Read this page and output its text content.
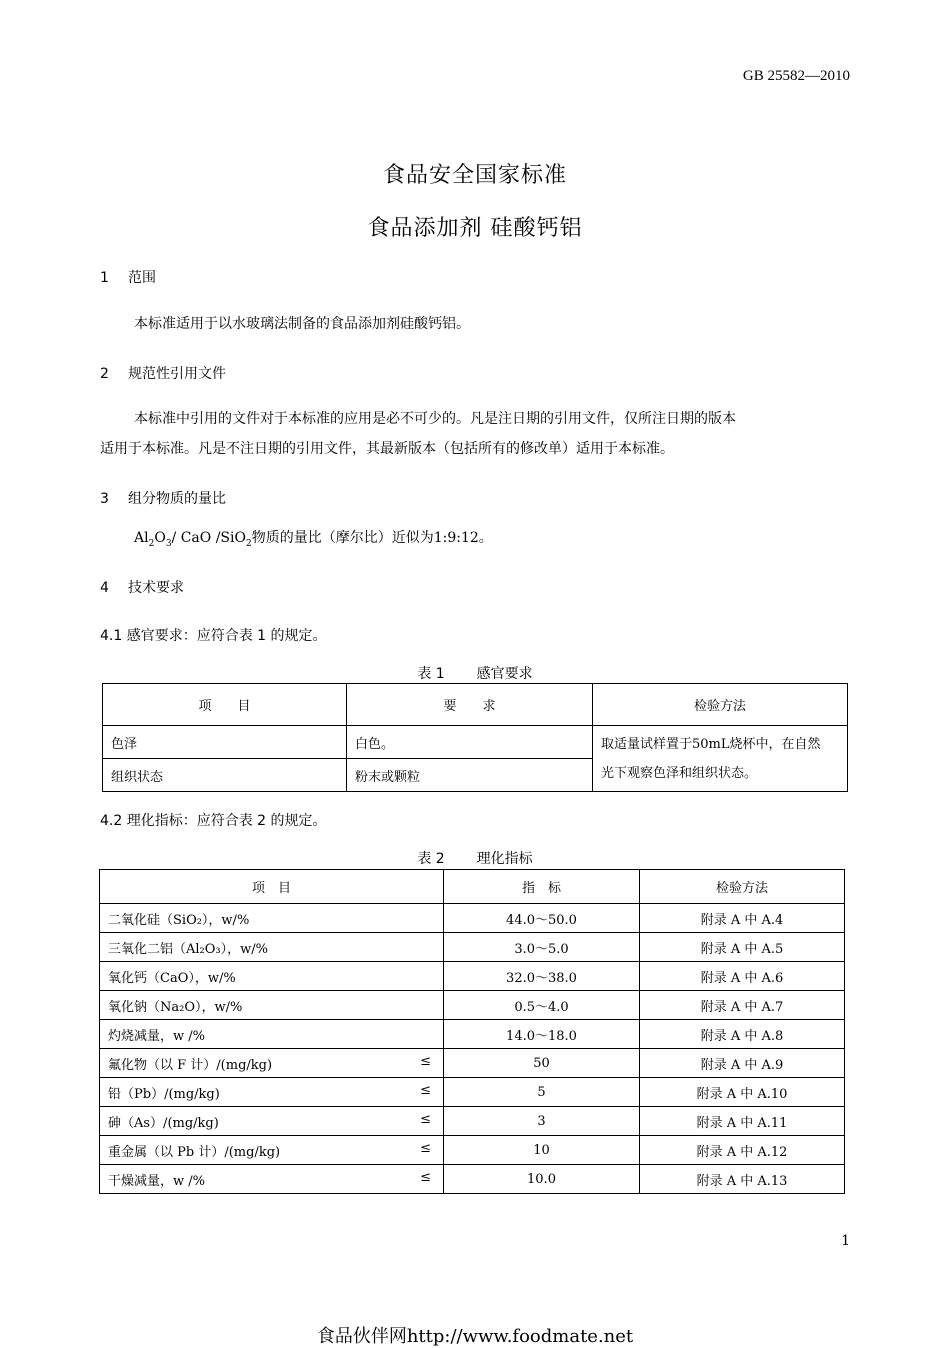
GB 25582—2010
食品安全国家标准
食品添加剂 硅酸钙铝
1 范围
本标准适用于以水玻璃法制备的食品添加剂硅酸钙铝。
2 规范性引用文件
本标准中引用的文件对于本标准的应用是必不可少的。凡是注日期的引用文件，仅所注日期的版本
适用于本标准。凡是不注日期的引用文件，其最新版本（包括所有的修改单）适用于本标准。
3 组分物质的量比
$Al_2O_3/$ CaO /SiO$_2$物质的量比（摩尔比）近似为1:9:12。
4 技术要求
4.1 感官要求：应符合表 1 的规定。
表 1 感官要求
项　　目	要　　求	检验方法
色泽	白色。	取适量试样置于50mL烧杯中，在自然
光下观察色泽和组织状态。

组织状态	粉末或颗粒	
4.2 理化指标：应符合表 2 的规定。
表 2 理化指标
项　目	指　标	检验方法
二氧化硅（SiO₂），w/%	44.0～50.0	附录 A 中 A.4
三氧化二铝（Al₂O₃），w/%	3.0～5.0	附录 A 中 A.5
氧化钙（CaO），w/%	32.0～38.0	附录 A 中 A.6
氧化钠（Na₂O），w/%	0.5～4.0	附录 A 中 A.7
灼烧减量，w /%	14.0～18.0	附录 A 中 A.8
氟化物（以 F 计）/(mg/kg) ≤	50	附录 A 中 A.9
铅（Pb）/(mg/kg) ≤	5	附录 A 中 A.10
砷（As）/(mg/kg) ≤	3	附录 A 中 A.11
重金属（以 Pb 计）/(mg/kg) ≤	10	附录 A 中 A.12
干燥减量，w /% ≤	10.0	附录 A 中 A.13
1
食品伙伴网http://www.foodmate.net
